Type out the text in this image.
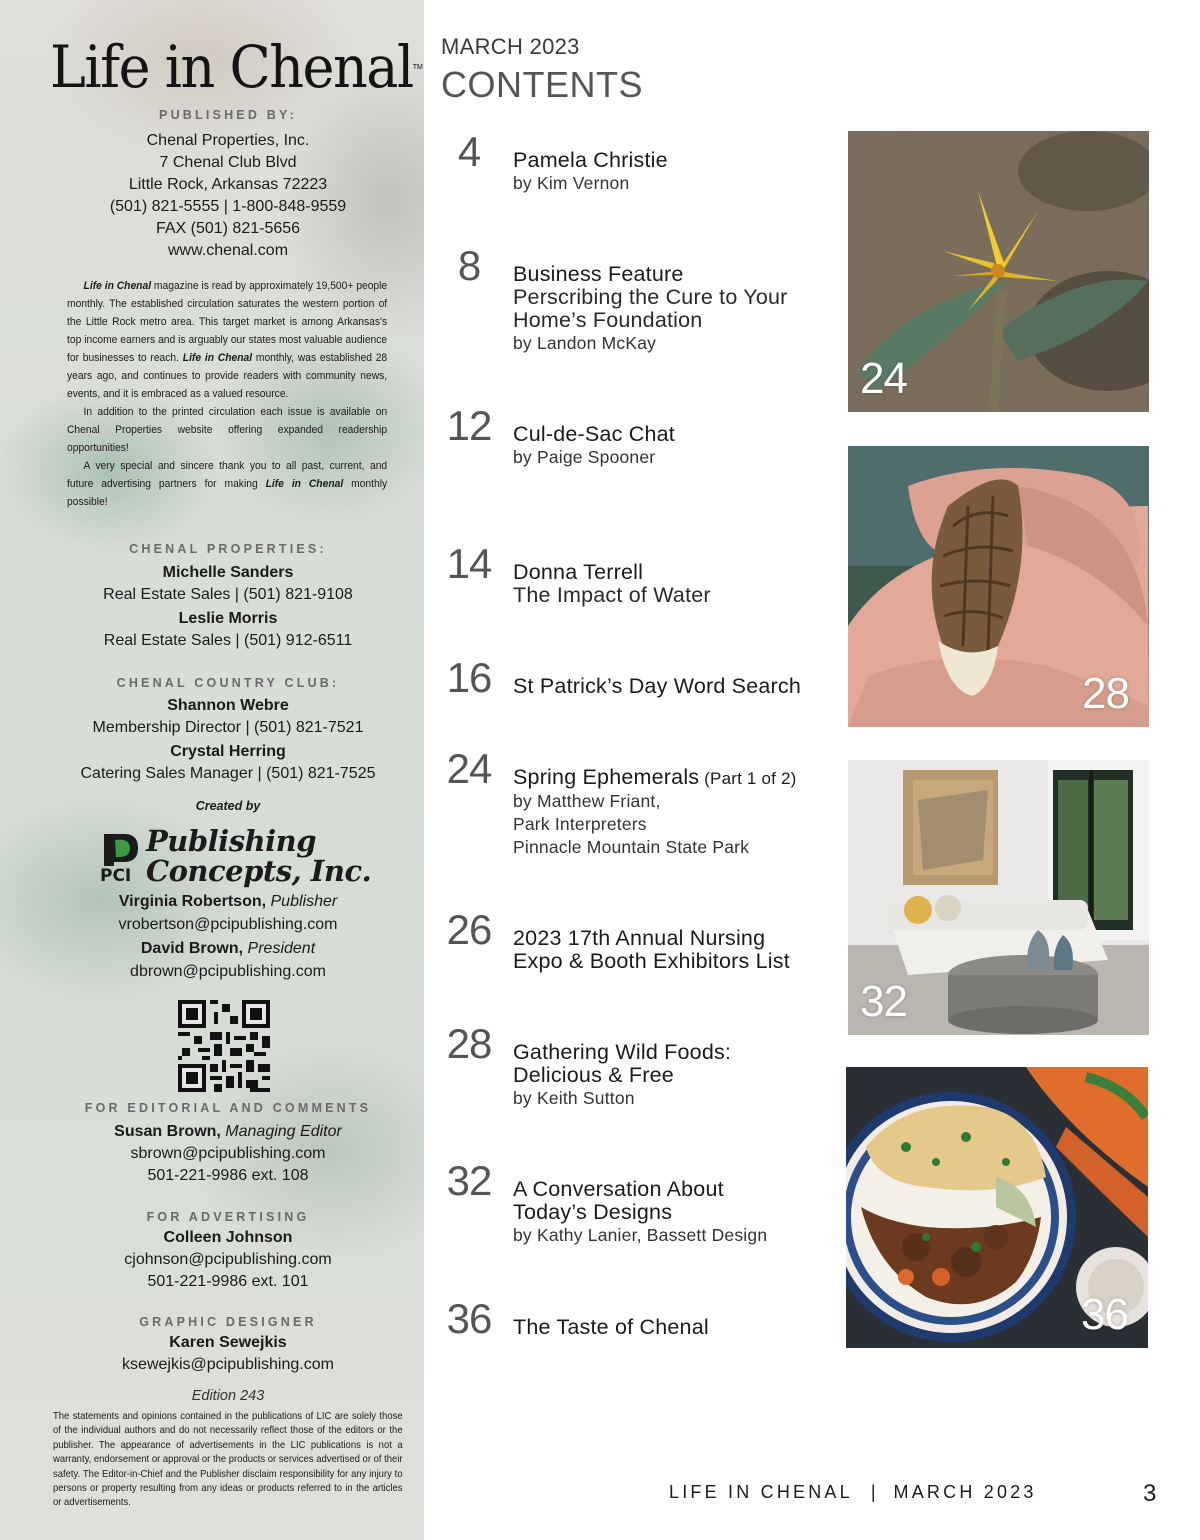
Life in ChenalTM
PUBLISHED BY:
Chenal Properties, Inc.
7 Chenal Club Blvd
Little Rock, Arkansas 72223
(501) 821-5555 | 1-800-848-9559
FAX (501) 821-5656
www.chenal.com

Life in Chenal magazine is read by approximately 19,500+ people monthly. The established circulation saturates the western portion of the Little Rock metro area. This target market is among Arkansas's top income earners and is arguably our states most valuable audience for businesses to reach. Life in Chenal monthly, was established 28 years ago, and continues to provide readers with community news, events, and it is embraced as a valued resource.

In addition to the printed circulation each issue is available on Chenal Properties website offering expanded readership opportunities!

A very special and sincere thank you to all past, current, and future advertising partners for making Life in Chenal monthly possible!

CHENAL PROPERTIES:
Michelle Sanders
Real Estate Sales | (501) 821-9108
Leslie Morris
Real Estate Sales | (501) 912-6511
CHENAL COUNTRY CLUB:
Shannon Webre
Membership Director | (501) 821-7521
Crystal Herring
Catering Sales Manager | (501) 821-7525
Created by
Publishing
Concepts, Inc.
PCI
Virginia Robertson, Publisher
vrobertson@pcipublishing.com
David Brown, President
dbrown@pcipublishing.com
FOR EDITORIAL AND COMMENTS
Susan Brown, Managing Editor
sbrown@pcipublishing.com
501-221-9986 ext. 108
FOR ADVERTISING
Colleen Johnson
cjohnson@pcipublishing.com
501-221-9986 ext. 101
GRAPHIC DESIGNER
Karen Sewejkis
ksewejkis@pcipublishing.com
Edition 243

The statements and opinions contained in the publications of LIC are solely those of the individual authors and do not necessarily reflect those of the editors or the publisher. The appearance of advertisements in the LIC publications is not a warranty, endorsement or approval or the products or services advertised or of their safety. The Editor-in-Chief and the Publisher disclaim responsibility for any injury to persons or property resulting from any ideas or products referred to in the articles or advertisements.

MARCH 2023
CONTENTS
4	Pamela Christie
by Kim Vernon
8	Business Feature
Perscribing the Cure to Your
Home’s Foundation
by Landon McKay
12 Cul-de-Sac Chat
by Paige Spooner
14 Donna Terrell
The Impact of Water
16 St Patrick’s Day Word Search
24 Spring Ephemerals (Part 1 of 2)
by Matthew Friant,
Park Interpreters
Pinnacle Mountain State Park
26 2023 17th Annual Nursing
Expo & Booth Exhibitors List
28 Gathering Wild Foods:
Delicious & Free
by Keith Sutton
32 A Conversation About
Today’s Designs
by Kathy Lanier, Bassett Design
36 The Taste of Chenal
24
28
32
36
LIFE IN CHENAL | MARCH 2023	3
